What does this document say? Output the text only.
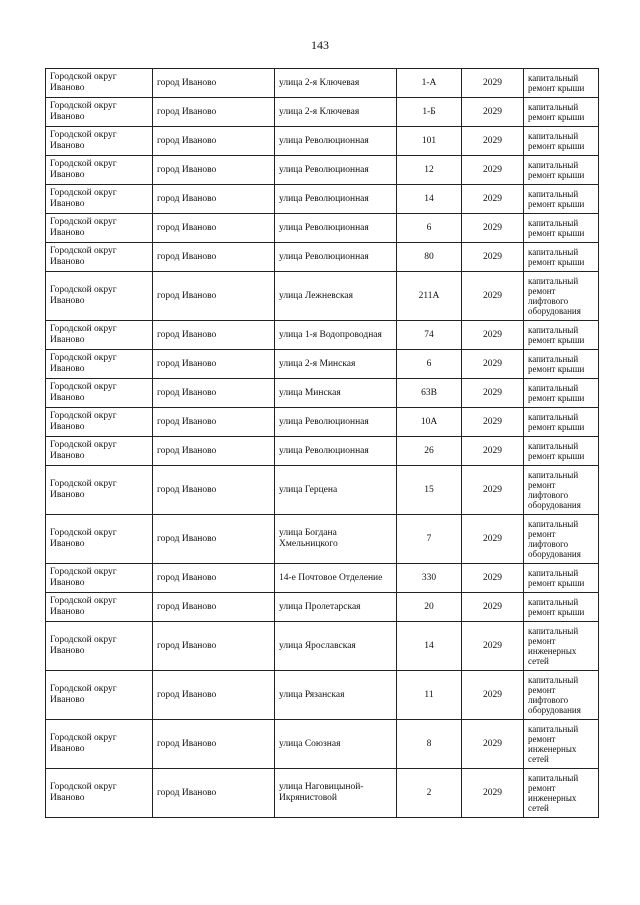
143
Городской округ Иваново	город Иваново	улица 2-я Ключевая	1-А	2029	капитальный ремонт крыши
Городской округ Иваново	город Иваново	улица 2-я Ключевая	1-Б	2029	капитальный ремонт крыши
Городской округ Иваново	город Иваново	улица Революционная	101	2029	капитальный ремонт крыши
Городской округ Иваново	город Иваново	улица Революционная	12	2029	капитальный ремонт крыши
Городской округ Иваново	город Иваново	улица Революционная	14	2029	капитальный ремонт крыши
Городской округ Иваново	город Иваново	улица Революционная	6	2029	капитальный ремонт крыши
Городской округ Иваново	город Иваново	улица Революционная	80	2029	капитальный ремонт крыши
Городской округ Иваново	город Иваново	улица Лежневская	211А	2029	капитальный ремонт лифтового оборудования
Городской округ Иваново	город Иваново	улица 1-я Водопроводная	74	2029	капитальный ремонт крыши
Городской округ Иваново	город Иваново	улица 2-я Минская	6	2029	капитальный ремонт крыши
Городской округ Иваново	город Иваново	улица Минская	63В	2029	капитальный ремонт крыши
Городской округ Иваново	город Иваново	улица Революционная	10А	2029	капитальный ремонт крыши
Городской округ Иваново	город Иваново	улица Революционная	26	2029	капитальный ремонт крыши
Городской округ Иваново	город Иваново	улица Герцена	15	2029	капитальный ремонт лифтового оборудования
Городской округ Иваново	город Иваново	улица Богдана Хмельницкого	7	2029	капитальный ремонт лифтового оборудования
Городской округ Иваново	город Иваново	14-е Почтовое Отделение	330	2029	капитальный ремонт крыши
Городской округ Иваново	город Иваново	улица Пролетарская	20	2029	капитальный ремонт крыши
Городской округ Иваново	город Иваново	улица Ярославская	14	2029	капитальный ремонт инженерных сетей
Городской округ Иваново	город Иваново	улица Рязанская	11	2029	капитальный ремонт лифтового оборудования
Городской округ Иваново	город Иваново	улица Союзная	8	2029	капитальный ремонт инженерных сетей
Городской округ Иваново	город Иваново	улица Наговицыной-Икрянистовой	2	2029	капитальный ремонт инженерных сетей
